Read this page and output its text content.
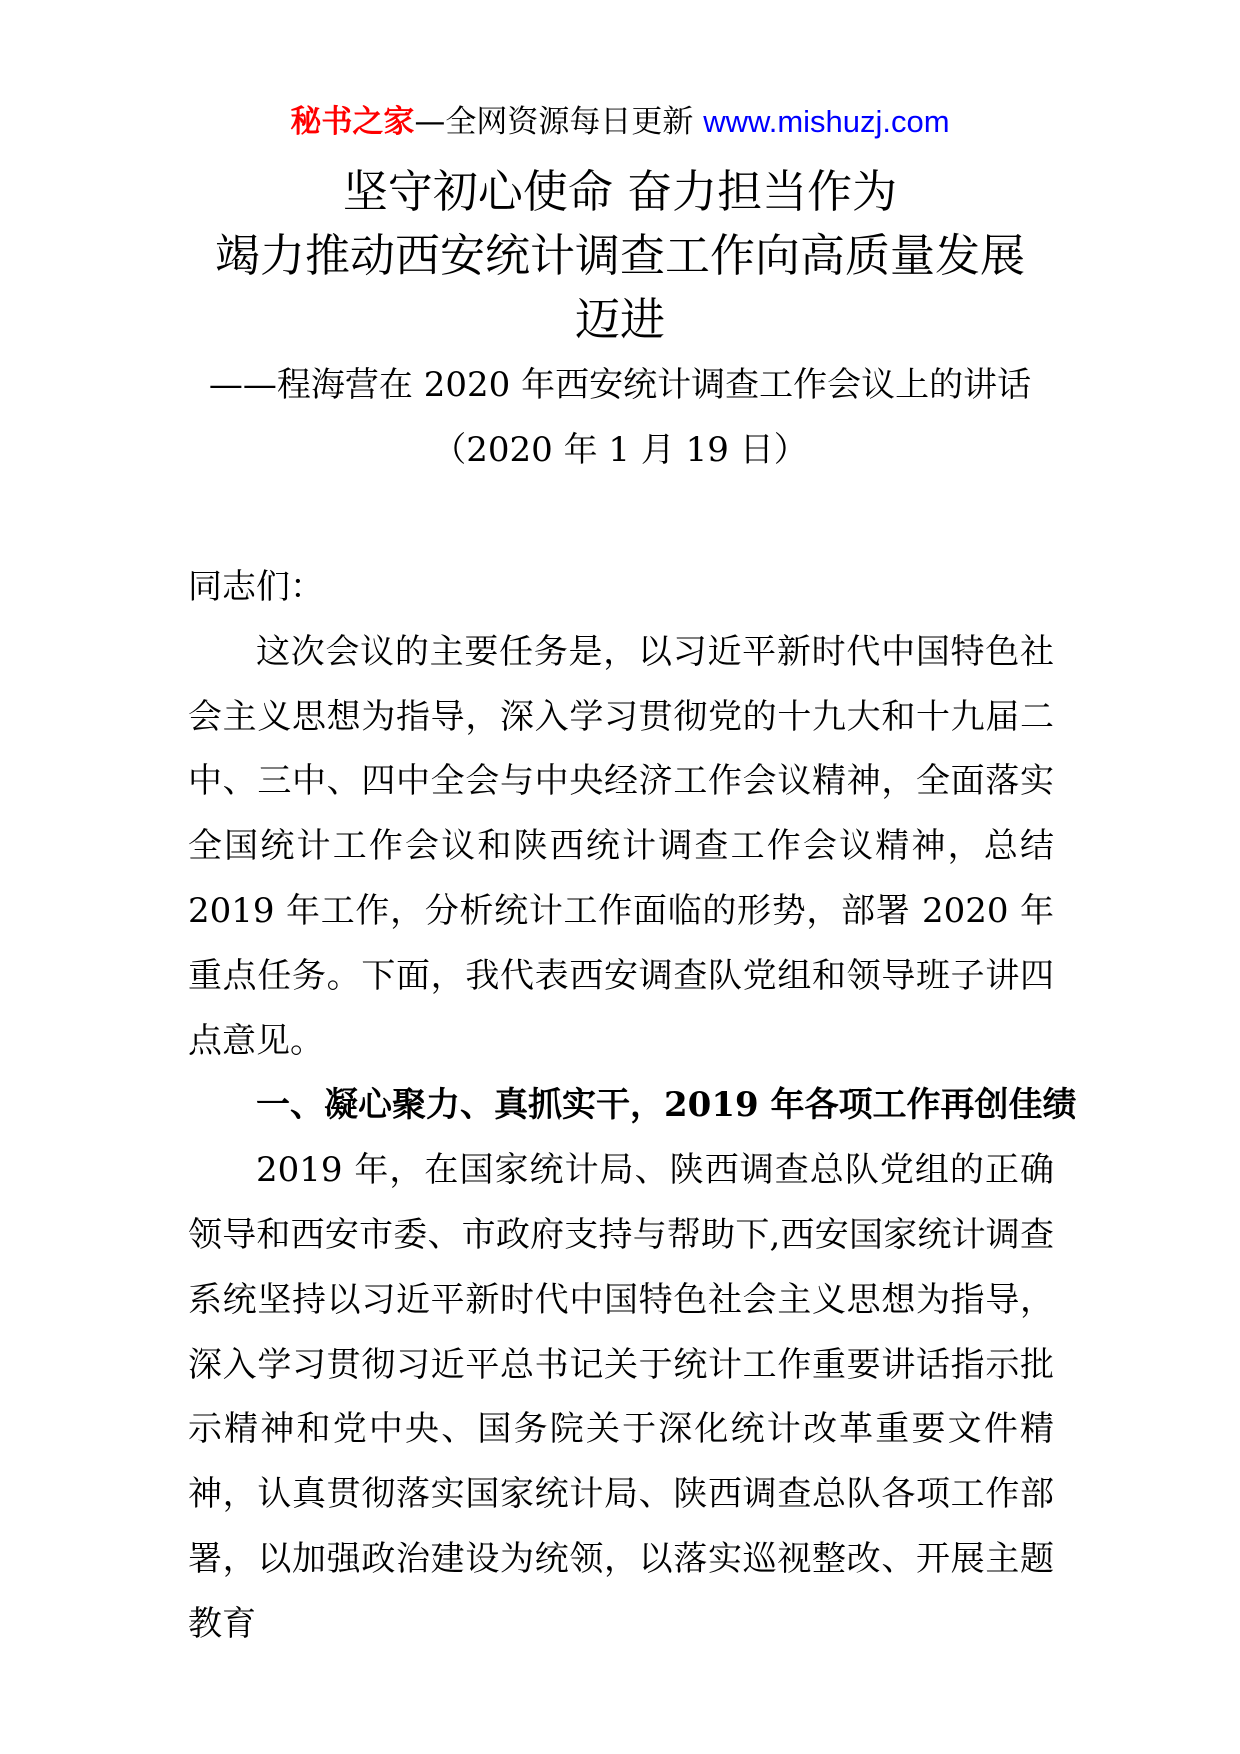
秘书之家—全网资源每日更新 www.mishuzj.com
坚守初心使命 奋力担当作为
竭力推动西安统计调查工作向高质量发展
迈进
——程海营在 2020 年西安统计调查工作会议上的讲话
（2020 年 1 月 19 日）

同志们：

这次会议的主要任务是，以习近平新时代中国特色社会主义思想为指导，深入学习贯彻党的十九大和十九届二中、三中、四中全会与中央经济工作会议精神，全面落实全国统计工作会议和陕西统计调查工作会议精神，总结 2019 年工作，分析统计工作面临的形势，部署 2020 年重点任务。下面，我代表西安调查队党组和领导班子讲四点意见。

一、凝心聚力、真抓实干，2019 年各项工作再创佳绩

2019 年，在国家统计局、陕西调查总队党组的正确领导和西安市委、市政府支持与帮助下,西安国家统计调查系统坚持以习近平新时代中国特色社会主义思想为指导，深入学习贯彻习近平总书记关于统计工作重要讲话指示批示精神和党中央、国务院关于深化统计改革重要文件精神，认真贯彻落实国家统计局、陕西调查总队各项工作部署，以加强政治建设为统领，以落实巡视整改、开展主题教育
